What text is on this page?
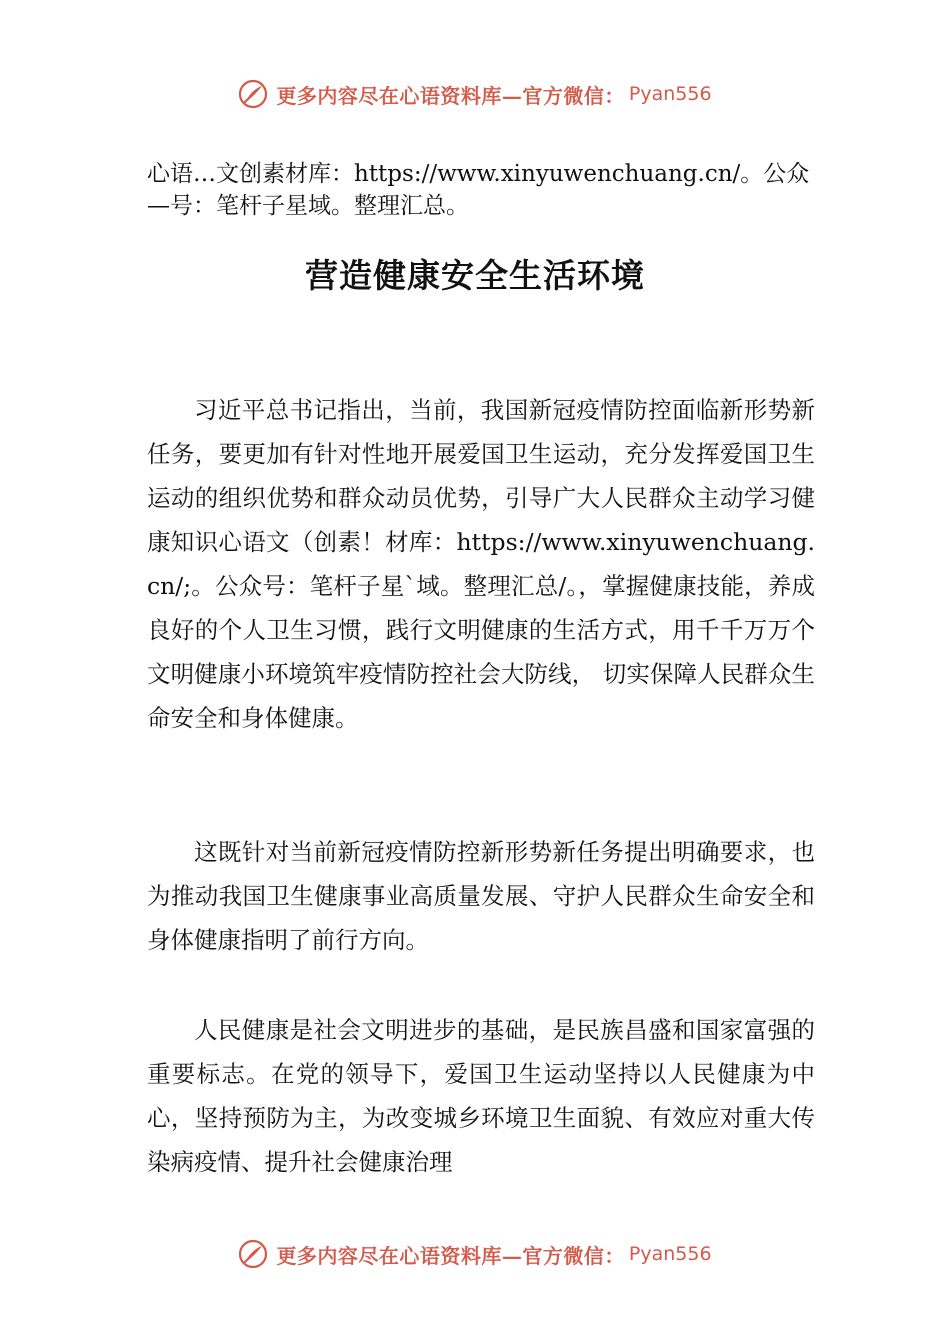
更多内容尽在心语资料库—官方微信： Pyan556
心语…文创素材库：https://www.xinyuwenchuang.cn/。公众—号：笔杆子星域。整理汇总。
营造健康安全生活环境

习近平总书记指出，当前，我国新冠疫情防控面临新形势新任务，要更加有针对性地开展爱国卫生运动，充分发挥爱国卫生运动的组织优势和群众动员优势，引导广大人民群众主动学习健康知识心语文（创素！材库：https://www.xinyuwenchuang.cn/;。公众号：笔杆子星`域。整理汇总/。，掌握健康技能，养成良好的个人卫生习惯，践行文明健康的生活方式，用千千万万个文明健康小环境筑牢疫情防控社会大防线， 切实保障人民群众生命安全和身体健康。

这既针对当前新冠疫情防控新形势新任务提出明确要求，也为推动我国卫生健康事业高质量发展、守护人民群众生命安全和身体健康指明了前行方向。

人民健康是社会文明进步的基础，是民族昌盛和国家富强的重要标志。在党的领导下，爱国卫生运动坚持以人民健康为中心，坚持预防为主，为改变城乡环境卫生面貌、有效应对重大传染病疫情、提升社会健康治理

更多内容尽在心语资料库—官方微信： Pyan556
